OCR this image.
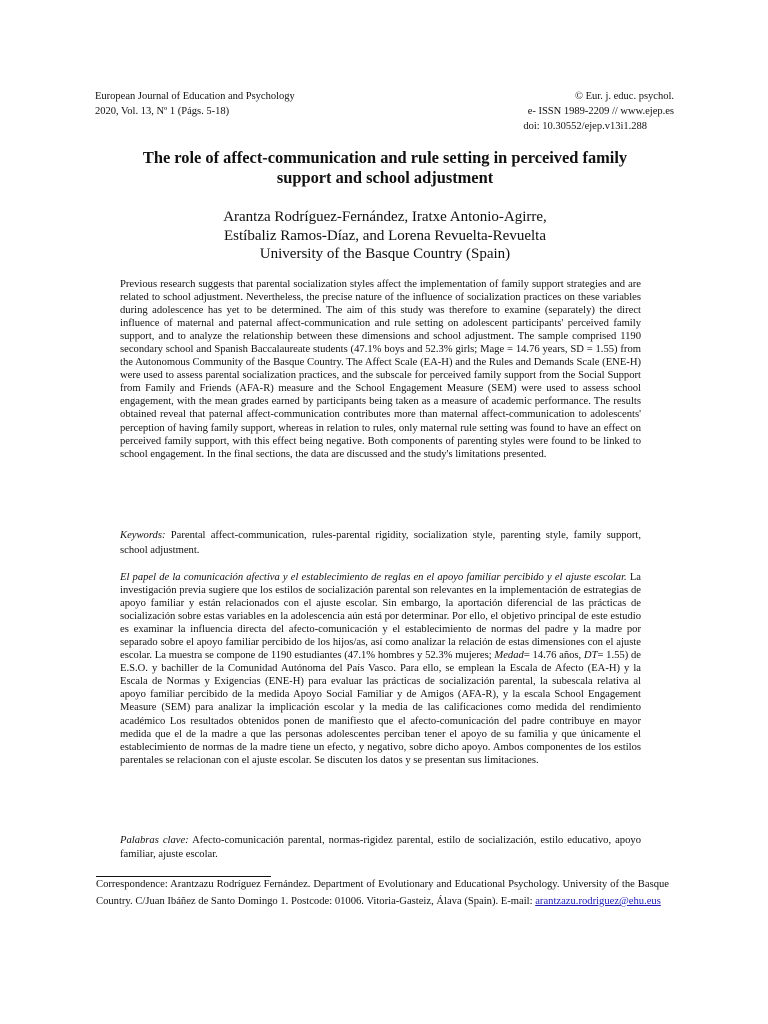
European Journal of Education and Psychology
2020, Vol. 13, Nº 1 (Págs. 5-18)
© Eur. j. educ. psychol.
e- ISSN 1989-2209 // www.ejep.es
doi: 10.30552/ejep.v13i1.288
The role of affect-communication and rule setting in perceived family
support and school adjustment
Arantza Rodríguez-Fernández, Iratxe Antonio-Agirre,
Estíbaliz Ramos-Díaz, and Lorena Revuelta-Revuelta
University of the Basque Country (Spain)

Previous research suggests that parental socialization styles affect the implementation of family support strategies and are related to school adjustment. Nevertheless, the precise nature of the influence of socialization practices on these variables during adolescence has yet to be determined. The aim of this study was therefore to examine (separately) the direct influence of maternal and paternal affect-communication and rule setting on adolescent participants' perceived family support, and to analyze the relationship between these dimensions and school adjustment. The sample comprised 1190 secondary school and Spanish Baccalaureate students (47.1% boys and 52.3% girls; Mage = 14.76 years, SD = 1.55) from the Autonomous Community of the Basque Country. The Affect Scale (EA-H) and the Rules and Demands Scale (ENE-H) were used to assess parental socialization practices, and the subscale for perceived family support from the Social Support from Family and Friends (AFA-R) measure and the School Engagement Measure (SEM) were used to assess school engagement, with the mean grades earned by participants being taken as a measure of academic performance. The results obtained reveal that paternal affect-communication contributes more than maternal affect-communication to adolescents' perception of having family support, whereas in relation to rules, only maternal rule setting was found to have an effect on perceived family support, with this effect being negative. Both components of parenting styles were found to be linked to school engagement. In the final sections, the data are discussed and the study's limitations presented.

Keywords: Parental affect-communication, rules-parental rigidity, socialization style, parenting style, family support, school adjustment.

El papel de la comunicación afectiva y el establecimiento de reglas en el apoyo familiar percibido y el ajuste escolar. La investigación previa sugiere que los estilos de socialización parental son relevantes en la implementación de estrategias de apoyo familiar y están relacionados con el ajuste escolar. Sin embargo, la aportación diferencial de las prácticas de socialización sobre estas variables en la adolescencia aún está por determinar. Por ello, el objetivo principal de este estudio es examinar la influencia directa del afecto-comunicación y el establecimiento de normas del padre y la madre por separado sobre el apoyo familiar percibido de los hijos/as, así como analizar la relación de estas dimensiones con el ajuste escolar. La muestra se compone de 1190 estudiantes (47.1% hombres y 52.3% mujeres; Medad= 14.76 años, DT= 1.55) de E.S.O. y bachiller de la Comunidad Autónoma del País Vasco. Para ello, se emplean la Escala de Afecto (EA-H) y la Escala de Normas y Exigencias (ENE-H) para evaluar las prácticas de socialización parental, la subescala relativa al apoyo familiar percibido de la medida Apoyo Social Familiar y de Amigos (AFA-R), y la escala School Engagement Measure (SEM) para analizar la implicación escolar y la media de las calificaciones como medida del rendimiento académico Los resultados obtenidos ponen de manifiesto que el afecto-comunicación del padre contribuye en mayor medida que el de la madre a que las personas adolescentes perciban tener el apoyo de su familia y que únicamente el establecimiento de normas de la madre tiene un efecto, y negativo, sobre dicho apoyo. Ambos componentes de los estilos parentales se relacionan con el ajuste escolar. Se discuten los datos y se presentan sus limitaciones.

Palabras clave: Afecto-comunicación parental, normas-rigidez parental, estilo de socialización, estilo educativo, apoyo familiar, ajuste escolar.

Correspondence: Arantzazu Rodríguez Fernández. Department of Evolutionary and Educational Psychology. University of the Basque Country. C/Juan Ibáñez de Santo Domingo 1. Postcode: 01006. Vitoria-Gasteiz, Álava (Spain). E-mail: arantzazu.rodriguez@ehu.eus
